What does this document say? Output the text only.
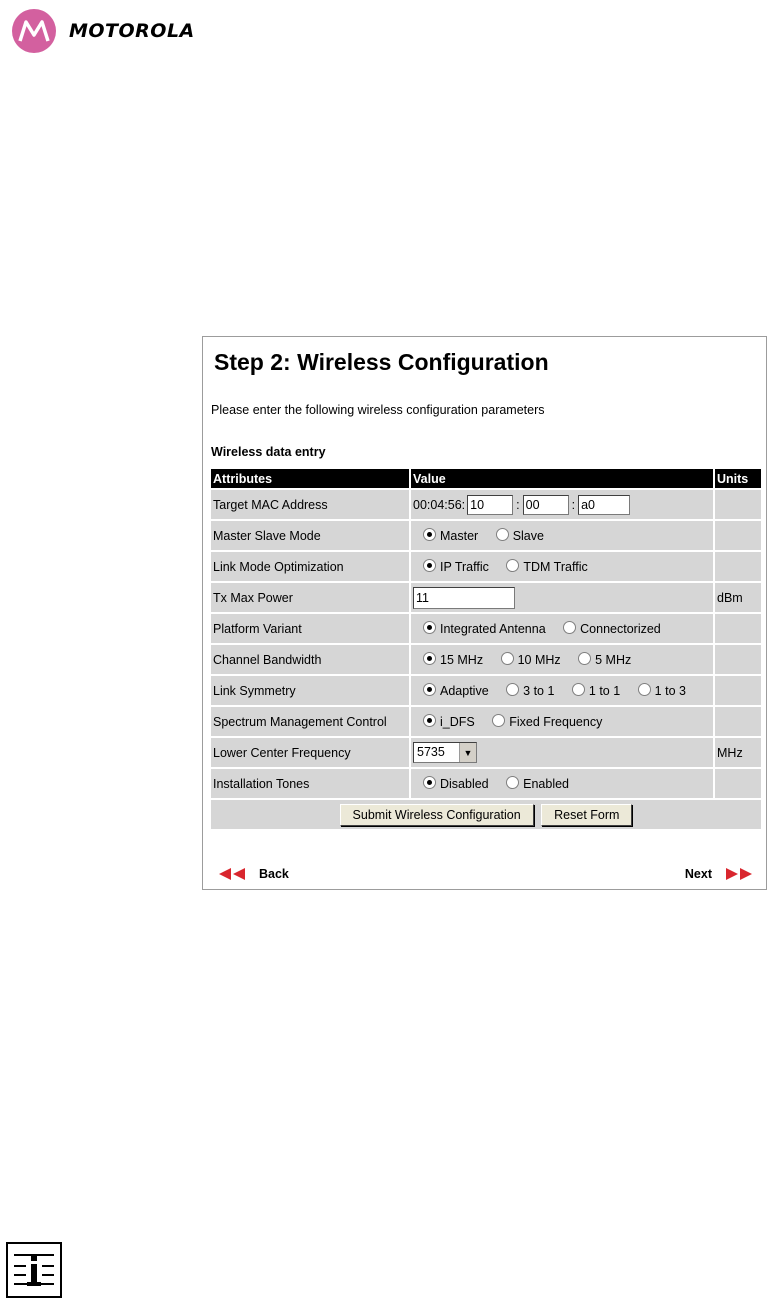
MOTOROLA
Step 2: Wireless Configuration
Please enter the following wireless configuration parameters
Wireless data entry
Attributes	Value	Units
Target MAC Address	00:04:56:10 :00 :a0	
Master Slave Mode	Master Slave	
Link Mode Optimization	IP Traffic TDM Traffic	
Tx Max Power	11	dBm
Platform Variant	Integrated Antenna Connectorized	
Channel Bandwidth	15 MHz 10 MHz 5 MHz	
Link Symmetry	Adaptive 3 to 1 1 to 1 1 to 3	
Spectrum Management Control	i_DFS Fixed Frequency	
Lower Center Frequency	5735 ▼	MHz
Installation Tones	Disabled Enabled	
Submit Wireless Configuration Reset Form		
Back	Next
